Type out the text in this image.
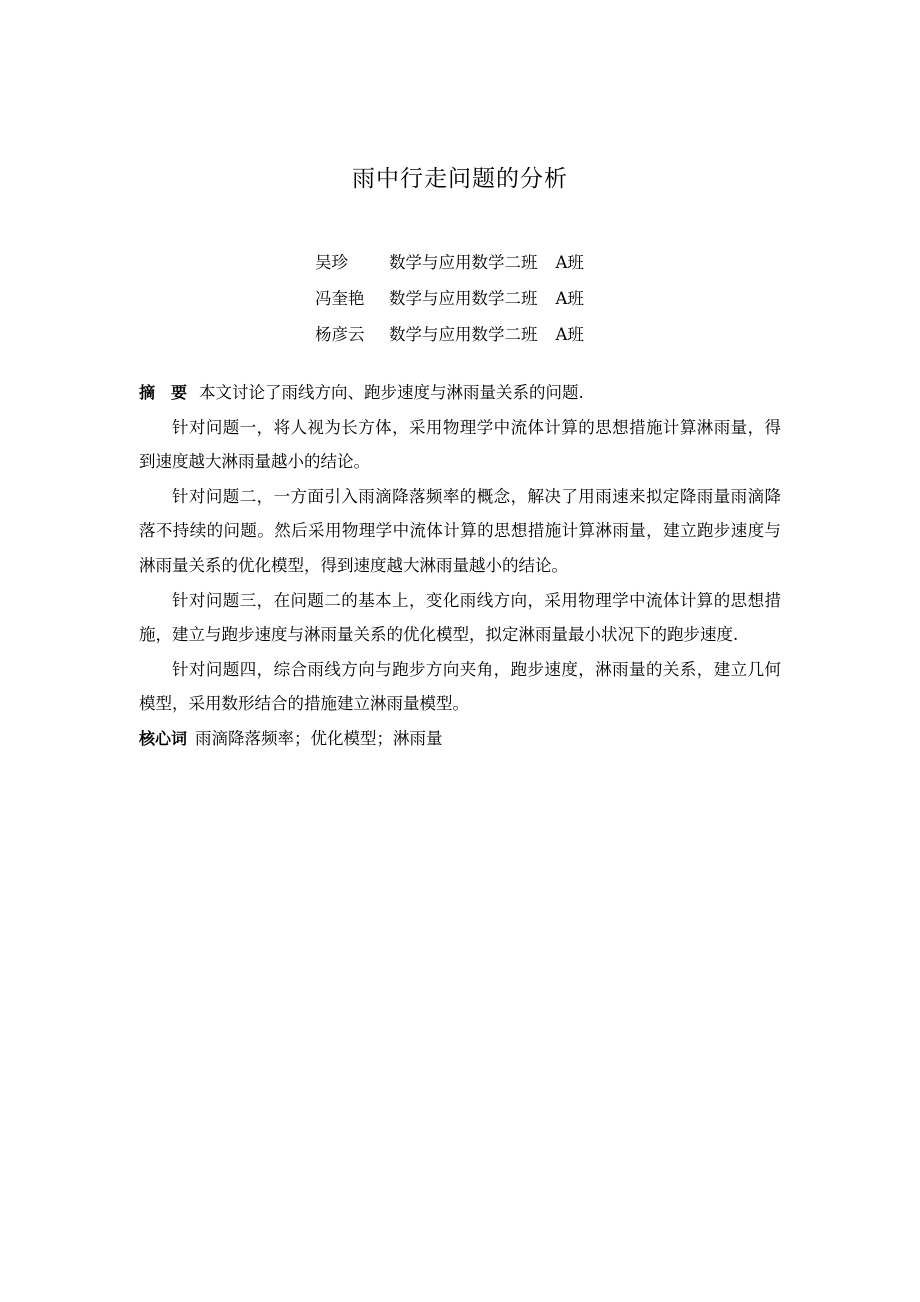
雨中行走问题的分析
吴珍 数学与应用数学二班 A班
冯奎艳 数学与应用数学二班 A班
杨彦云 数学与应用数学二班 A班

摘　要 本文讨论了雨线方向、跑步速度与淋雨量关系的问题.

针对问题一，将人视为长方体，采用物理学中流体计算的思想措施计算淋雨量，得到速度越大淋雨量越小的结论。

针对问题二，一方面引入雨滴降落频率的概念，解决了用雨速来拟定降雨量雨滴降落不持续的问题。然后采用物理学中流体计算的思想措施计算淋雨量，建立跑步速度与淋雨量关系的优化模型，得到速度越大淋雨量越小的结论。

针对问题三，在问题二的基本上，变化雨线方向，采用物理学中流体计算的思想措施，建立与跑步速度与淋雨量关系的优化模型，拟定淋雨量最小状况下的跑步速度.

针对问题四，综合雨线方向与跑步方向夹角，跑步速度，淋雨量的关系，建立几何模型，采用数形结合的措施建立淋雨量模型。

核心词 雨滴降落频率；优化模型；淋雨量
